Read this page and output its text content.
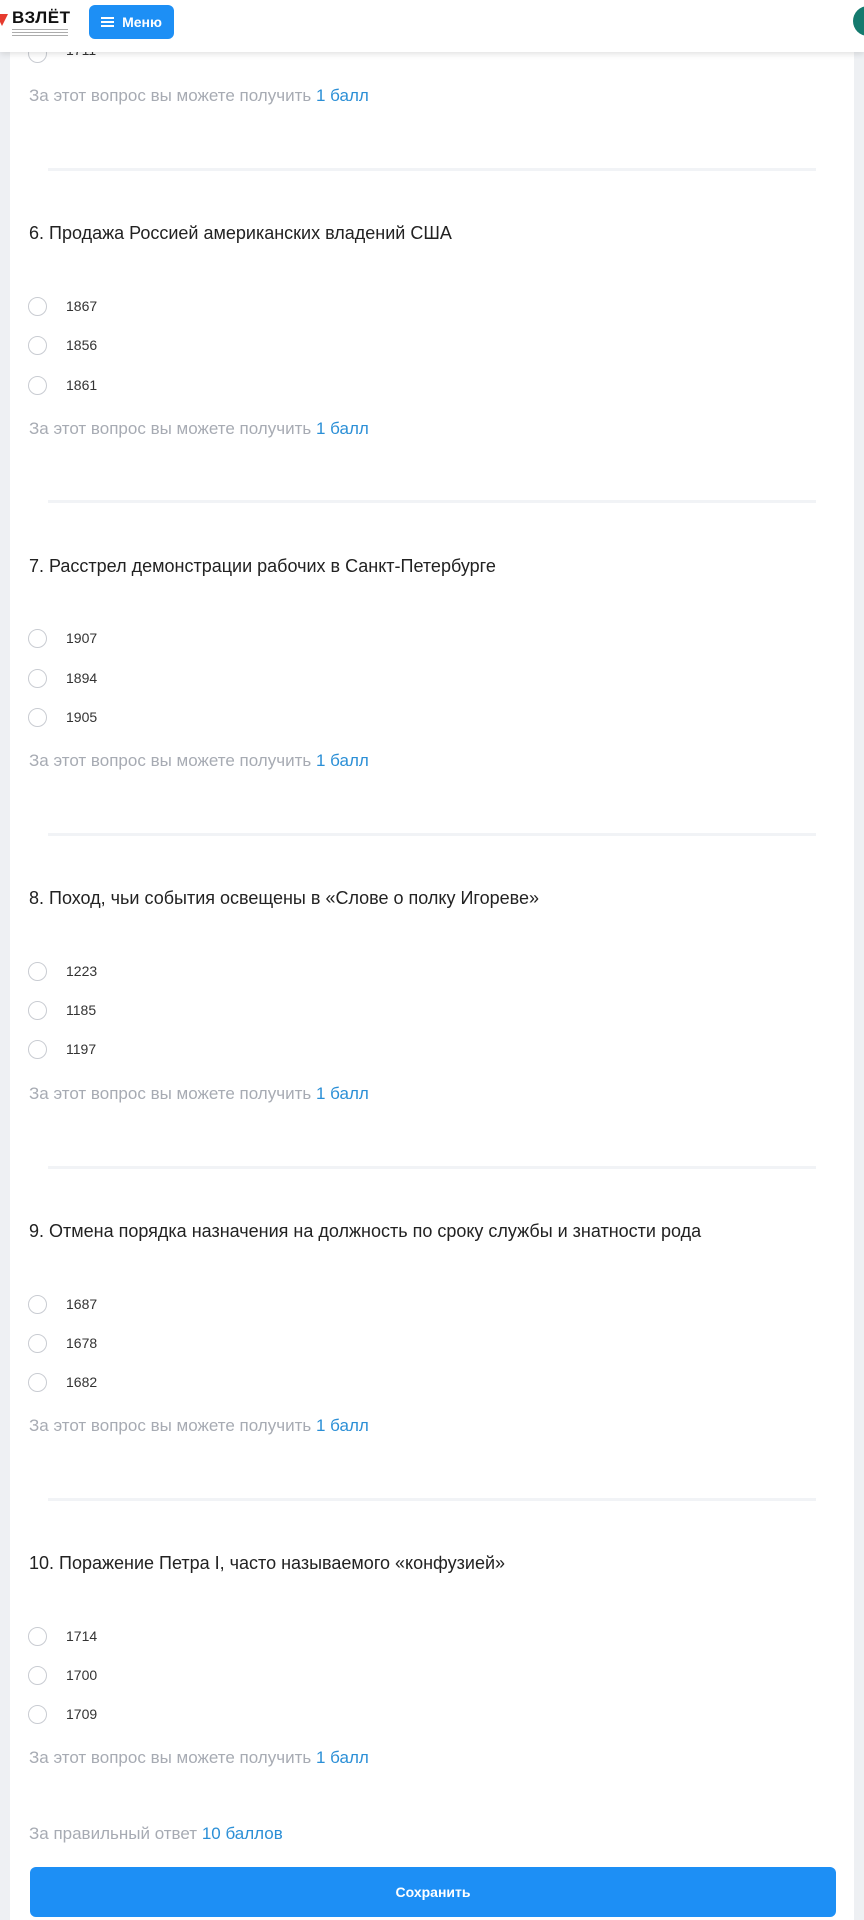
ВЗЛЁТ	Меню
За этот вопрос вы можете получить 1 балл
6. Продажа Россией американских владений США
1867
1856
1861
За этот вопрос вы можете получить 1 балл
7. Расстрел демонстрации рабочих в Санкт-Петербурге
1907
1894
1905
За этот вопрос вы можете получить 1 балл
8. Поход, чьи события освещены в «Слове о полку Игореве»
1223
1185
1197
За этот вопрос вы можете получить 1 балл
9. Отмена порядка назначения на должность по сроку службы и знатности рода
1687
1678
1682
За этот вопрос вы можете получить 1 балл
10. Поражение Петра I, часто называемого «конфузией»
1714
1700
1709
За этот вопрос вы можете получить 1 балл
За правильный ответ 10 баллов
Сохранить
